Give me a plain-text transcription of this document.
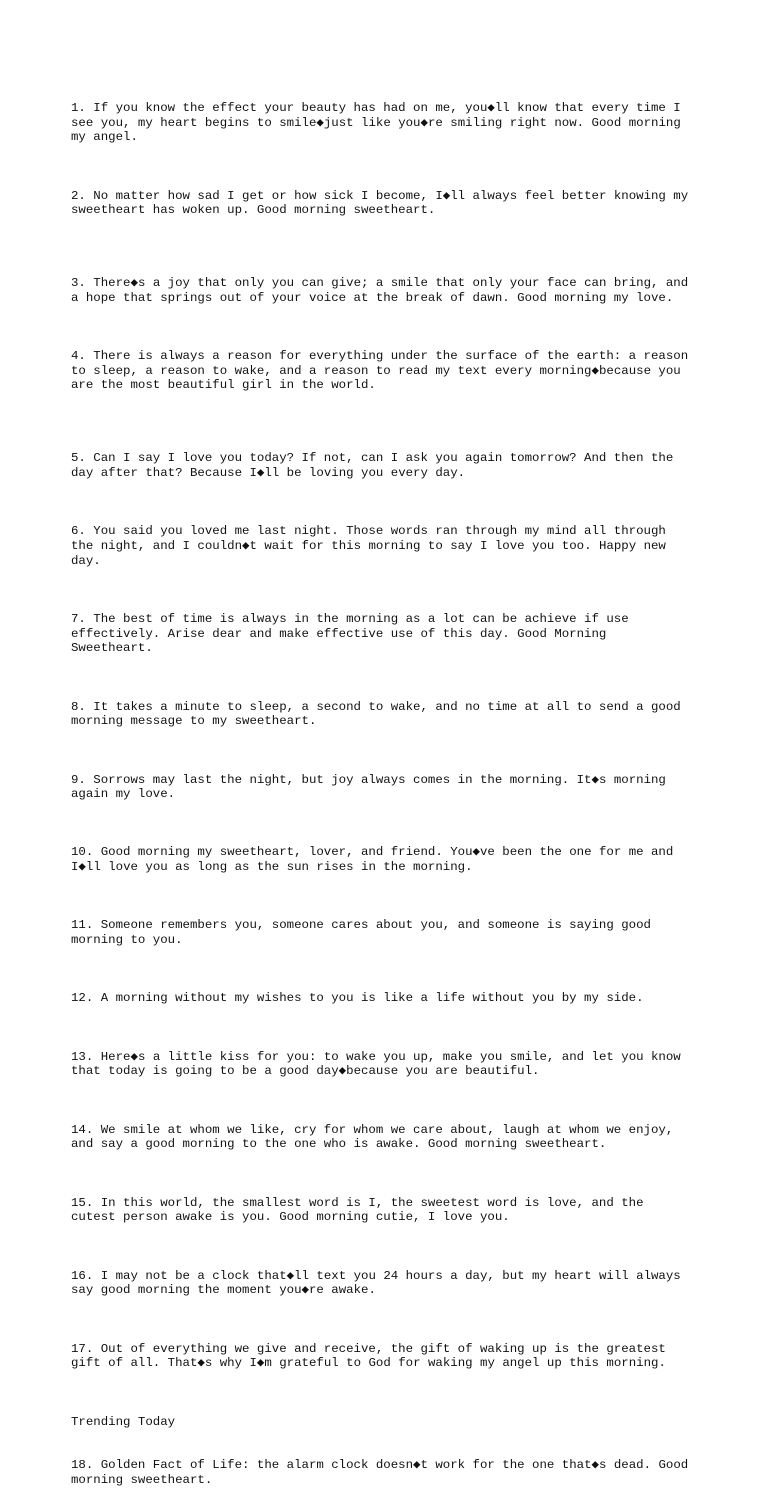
1. If you know the effect your beauty has had on me, you◆ll know that every time I
see you, my heart begins to smile◆just like you◆re smiling right now. Good morning
my angel.

2. No matter how sad I get or how sick I become, I◆ll always feel better knowing my
sweetheart has woken up. Good morning sweetheart.

3. There◆s a joy that only you can give; a smile that only your face can bring, and
a hope that springs out of your voice at the break of dawn. Good morning my love.

4. There is always a reason for everything under the surface of the earth: a reason
to sleep, a reason to wake, and a reason to read my text every morning◆because you
are the most beautiful girl in the world.

5. Can I say I love you today? If not, can I ask you again tomorrow? And then the
day after that? Because I◆ll be loving you every day.

6. You said you loved me last night. Those words ran through my mind all through
the night, and I couldn◆t wait for this morning to say I love you too. Happy new
day.

7. The best of time is always in the morning as a lot can be achieve if use
effectively. Arise dear and make effective use of this day. Good Morning
Sweetheart.

8. It takes a minute to sleep, a second to wake, and no time at all to send a good
morning message to my sweetheart.

9. Sorrows may last the night, but joy always comes in the morning. It◆s morning
again my love.

10. Good morning my sweetheart, lover, and friend. You◆ve been the one for me and
I◆ll love you as long as the sun rises in the morning.

11. Someone remembers you, someone cares about you, and someone is saying good
morning to you.

12. A morning without my wishes to you is like a life without you by my side.

13. Here◆s a little kiss for you: to wake you up, make you smile, and let you know
that today is going to be a good day◆because you are beautiful.

14. We smile at whom we like, cry for whom we care about, laugh at whom we enjoy,
and say a good morning to the one who is awake. Good morning sweetheart.

15. In this world, the smallest word is I, the sweetest word is love, and the
cutest person awake is you. Good morning cutie, I love you.

16. I may not be a clock that◆ll text you 24 hours a day, but my heart will always
say good morning the moment you◆re awake.

17. Out of everything we give and receive, the gift of waking up is the greatest
gift of all. That◆s why I◆m grateful to God for waking my angel up this morning.

Trending Today

18. Golden Fact of Life: the alarm clock doesn◆t work for the one that◆s dead. Good
morning sweetheart.
